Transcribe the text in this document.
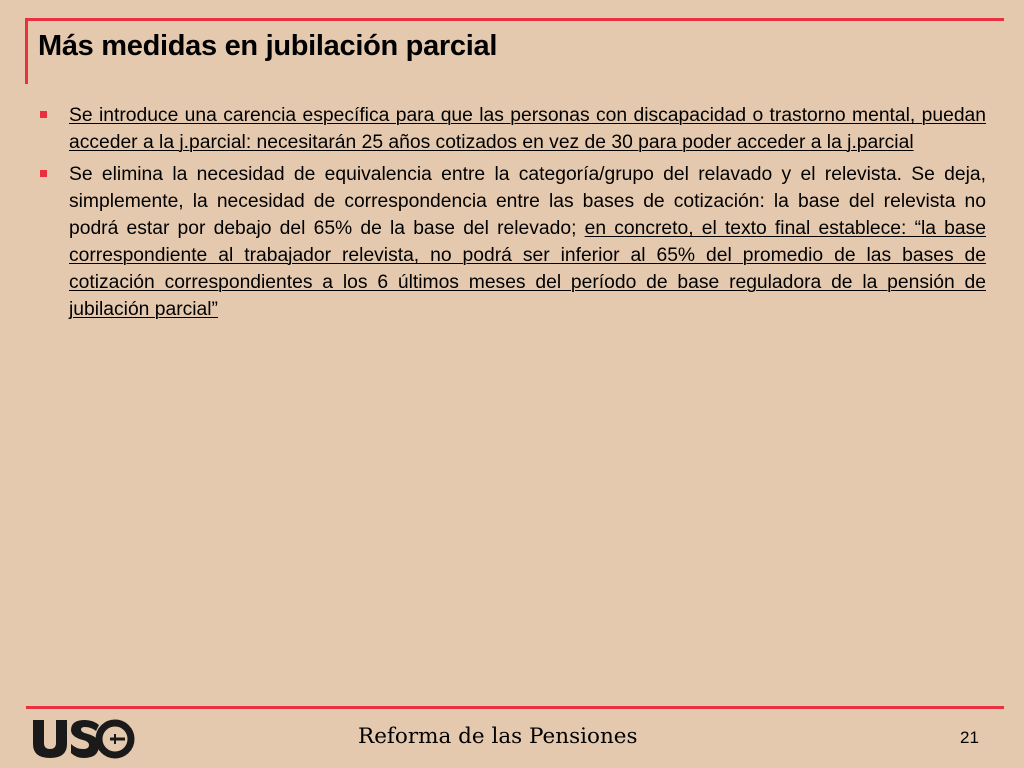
Más medidas en jubilación parcial

Se introduce una carencia específica para que las personas con discapacidad o trastorno mental, puedan acceder a la j.parcial: necesitarán 25 años cotizados en vez de 30 para poder acceder a la j.parcial

Se elimina la necesidad de equivalencia entre la categoría/grupo del relavado y el relevista. Se deja, simplemente, la necesidad de correspondencia entre las bases de cotización: la base del relevista no podrá estar por debajo del 65% de la base del relevado; en concreto, el texto final establece: “la base correspondiente al trabajador relevista, no podrá ser inferior al 65% del promedio de las bases de cotización correspondientes a los 6 últimos meses del período de base reguladora de la pensión de jubilación parcial”

Reforma de las Pensiones	21
